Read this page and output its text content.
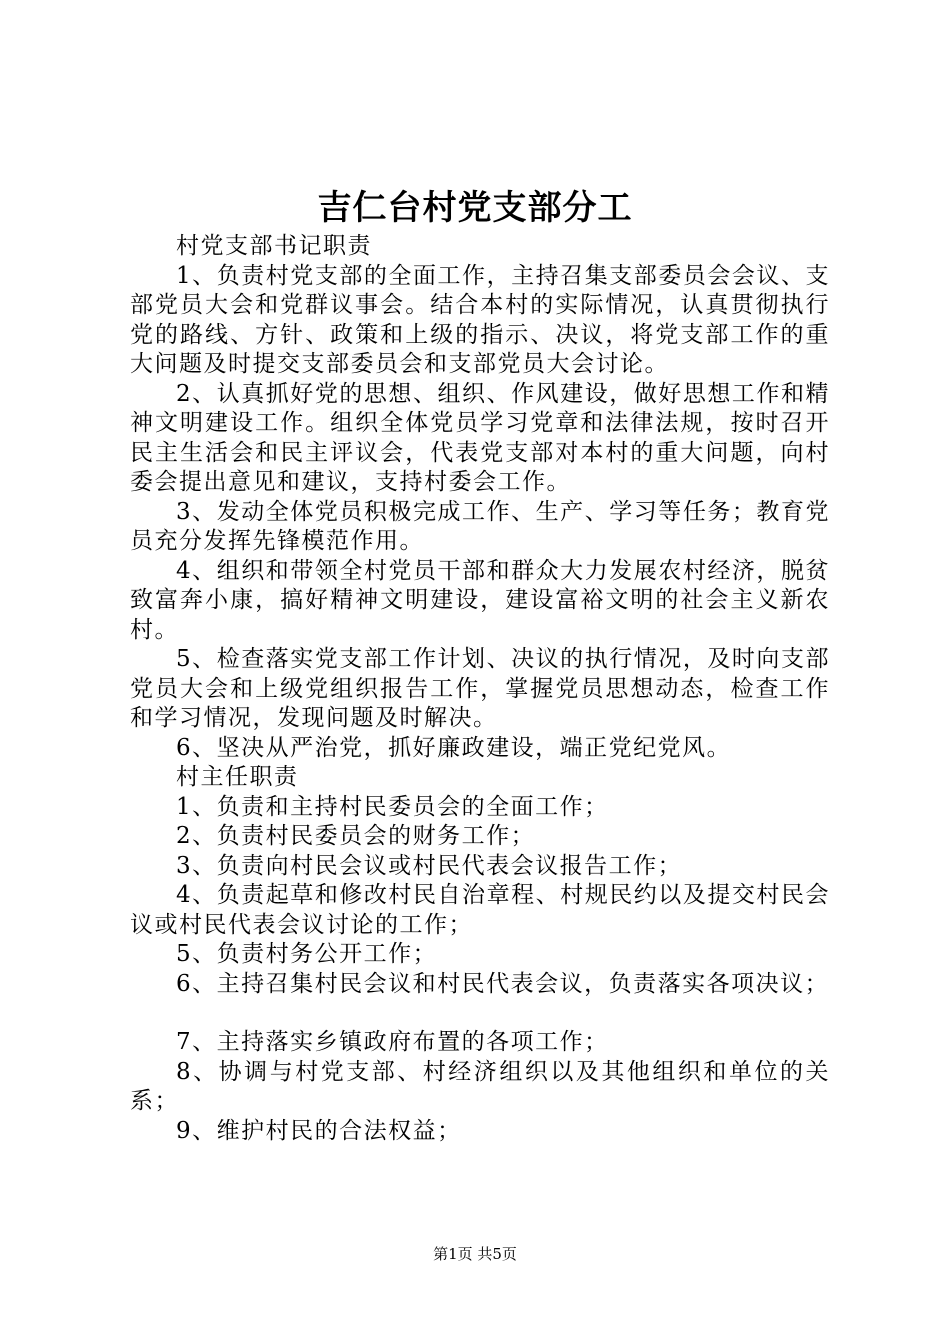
吉仁台村党支部分工

村党支部书记职责

1、负责村党支部的全面工作，主持召集支部委员会会议、支部党员大会和党群议事会。结合本村的实际情况，认真贯彻执行党的路线、方针、政策和上级的指示、决议，将党支部工作的重大问题及时提交支部委员会和支部党员大会讨论。

2、认真抓好党的思想、组织、作风建设，做好思想工作和精神文明建设工作。组织全体党员学习党章和法律法规，按时召开民主生活会和民主评议会，代表党支部对本村的重大问题，向村委会提出意见和建议，支持村委会工作。

3、发动全体党员积极完成工作、生产、学习等任务；教育党员充分发挥先锋模范作用。

4、组织和带领全村党员干部和群众大力发展农村经济，脱贫致富奔小康，搞好精神文明建设，建设富裕文明的社会主义新农村。

5、检查落实党支部工作计划、决议的执行情况，及时向支部党员大会和上级党组织报告工作，掌握党员思想动态，检查工作和学习情况，发现问题及时解决。

6、坚决从严治党，抓好廉政建设，端正党纪党风。

村主任职责

1、负责和主持村民委员会的全面工作；

2、负责村民委员会的财务工作；

3、负责向村民会议或村民代表会议报告工作；

4、负责起草和修改村民自治章程、村规民约以及提交村民会议或村民代表会议讨论的工作；

5、负责村务公开工作；

6、主持召集村民会议和村民代表会议，负责落实各项决议；

7、主持落实乡镇政府布置的各项工作；

8、协调与村党支部、村经济组织以及其他组织和单位的关系；

9、维护村民的合法权益；

第1页 共5页
